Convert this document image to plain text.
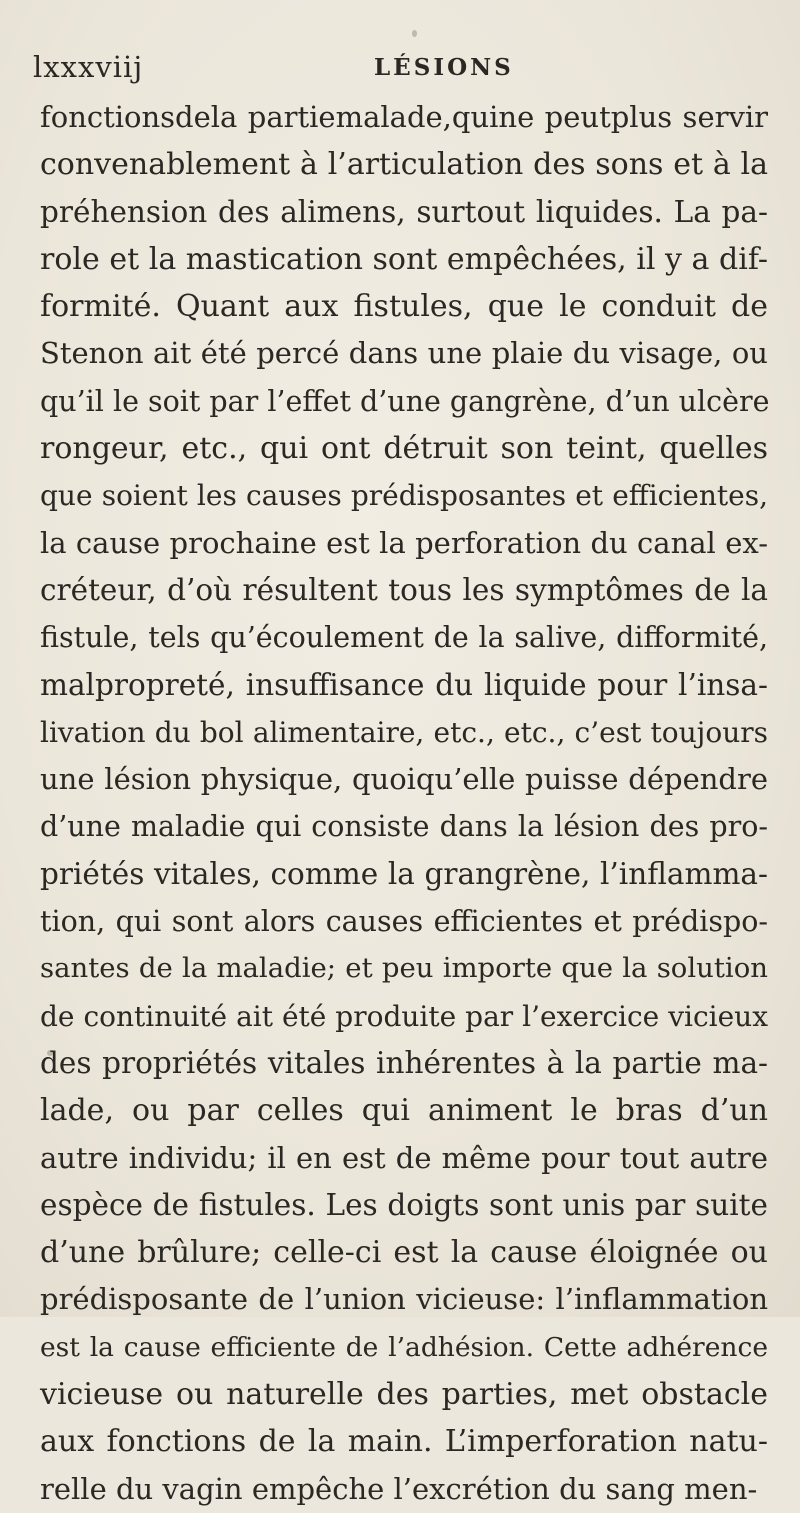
lxxxviij	LÉSIONS
fonctionsdela partiemalade,quine peutplus servir
convenablement à l’articulation des sons et à la
préhension des alimens, surtout liquides. La pa-
role et la mastication sont empêchées, il y a dif-
formité. Quant aux fistules, que le conduit de
Stenon ait été percé dans une plaie du visage, ou
qu’il le soit par l’effet d’une gangrène, d’un ulcère
rongeur, etc., qui ont détruit son teint, quelles
que soient les causes prédisposantes et efficientes,
la cause prochaine est la perforation du canal ex-
créteur, d’où résultent tous les symptômes de la
fistule, tels qu’écoulement de la salive, difformité,
malpropreté, insuffisance du liquide pour l’insa-
livation du bol alimentaire, etc., etc., c’est toujours
une lésion physique, quoiqu’elle puisse dépendre
d’une maladie qui consiste dans la lésion des pro-
priétés vitales, comme la grangrène, l’inflamma-
tion, qui sont alors causes efficientes et prédispo-
santes de la maladie; et peu importe que la solution
de continuité ait été produite par l’exercice vicieux
des propriétés vitales inhérentes à la partie ma-
lade, ou par celles qui animent le bras d’un
autre individu; il en est de même pour tout autre
espèce de fistules. Les doigts sont unis par suite
d’une brûlure; celle-ci est la cause éloignée ou
prédisposante de l’union vicieuse: l’inflammation
est la cause efficiente de l’adhésion. Cette adhérence
vicieuse ou naturelle des parties, met obstacle
aux fonctions de la main. L’imperforation natu-
relle du vagin empêche l’excrétion du sang men-
